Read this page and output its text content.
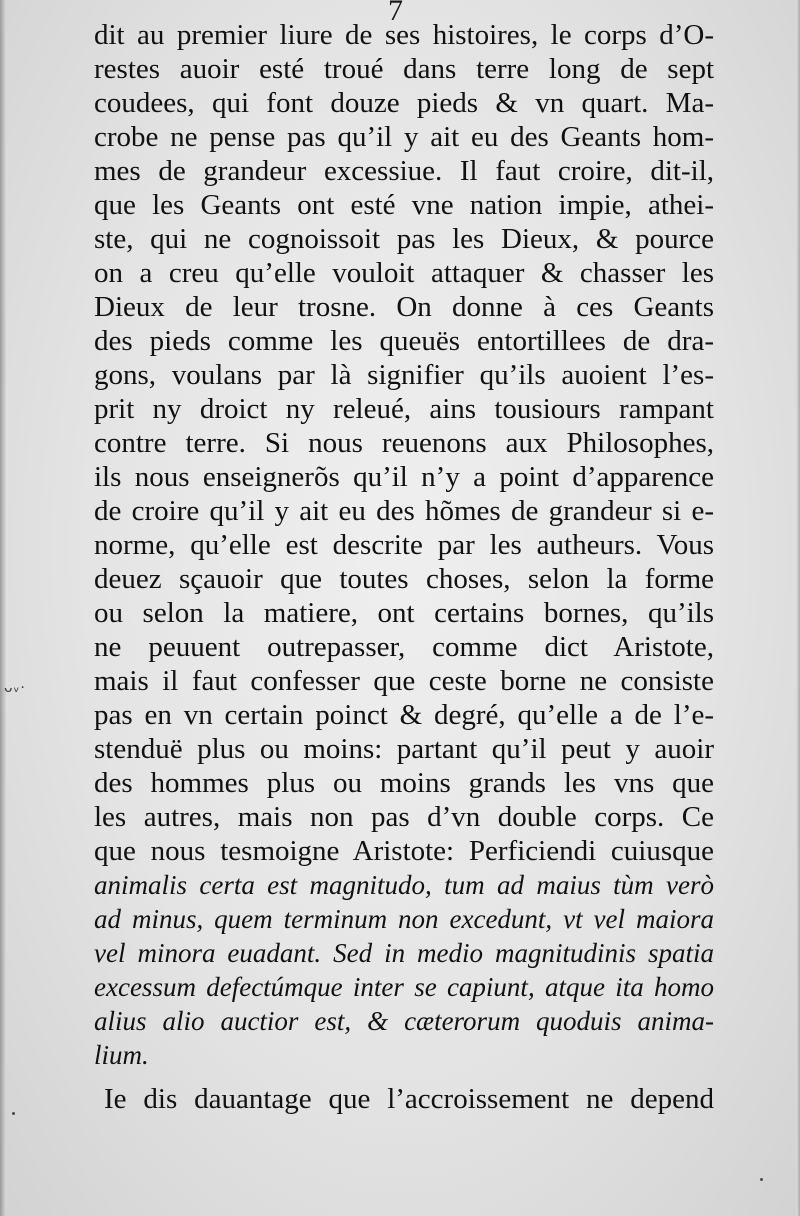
7

ᴗᵥ·

dit au premier liure de ses histoires, le corps d’O-

restes auoir esté troué dans terre long de sept

coudees, qui font douze pieds & vn quart. Ma-

crobe ne pense pas qu’il y ait eu des Geants hom-

mes de grandeur excessiue. Il faut croire, dit-il,

que les Geants ont esté vne nation impie, athei-

ste, qui ne cognoissoit pas les Dieux, & pource

on a creu qu’elle vouloit attaquer & chasser les

Dieux de leur trosne. On donne à ces Geants

des pieds comme les queuës entortillees de dra-

gons, voulans par là signifier qu’ils auoient l’es-

prit ny droict ny releué, ains tousiours rampant

contre terre. Si nous reuenons aux Philosophes,

ils nous enseignerõs qu’il n’y a point d’apparence

de croire qu’il y ait eu des hõmes de grandeur si e-

norme, qu’elle est descrite par les autheurs. Vous

deuez sçauoir que toutes choses, selon la forme

ou selon la matiere, ont certains bornes, qu’ils

ne peuuent outrepasser, comme dict Aristote,

mais il faut confesser que ceste borne ne consiste

pas en vn certain poinct & degré, qu’elle a de l’e-

stenduë plus ou moins: partant qu’il peut y auoir

des hommes plus ou moins grands les vns que

les autres, mais non pas d’vn double corps. Ce

que nous tesmoigne Aristote: Perficiendi cuiusque

animalis certa est magnitudo, tum ad maius tùm verò

ad minus, quem terminum non excedunt, vt vel maiora

vel minora euadant. Sed in medio magnitudinis spatia

excessum defectúmque inter se capiunt, atque ita homo

alius alio auctior est, & cæterorum quoduis anima-

lium.

Ie dis dauantage que l’accroissement ne depend
